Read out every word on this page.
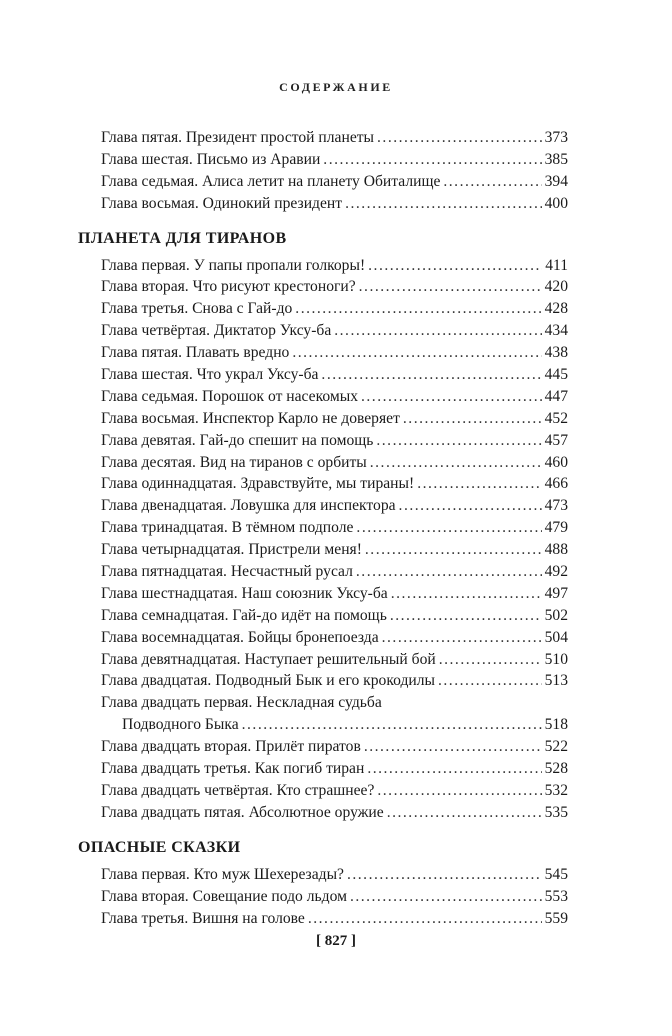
СОДЕРЖАНИЕ
Глава пятая. Президент простой планеты . . .	373
Глава шестая. Письмо из Аравии . . .	385
Глава седьмая. Алиса летит на планету Обиталище . . .	394
Глава восьмая. Одинокий президент . . .	400
ПЛАНЕТА ДЛЯ ТИРАНОВ
Глава первая. У папы пропали голкоры! . . .	411
Глава вторая. Что рисуют крестоноги? . . .	420
Глава третья. Снова с Гай-до . . .	428
Глава четвёртая. Диктатор Уксу-ба . . .	434
Глава пятая. Плавать вредно . . .	438
Глава шестая. Что украл Уксу-ба . . .	445
Глава седьмая. Порошок от насекомых . . .	447
Глава восьмая. Инспектор Карло не доверяет . . .	452
Глава девятая. Гай-до спешит на помощь . . .	457
Глава десятая. Вид на тиранов с орбиты . . .	460
Глава одиннадцатая. Здравствуйте, мы тираны! . . .	466
Глава двенадцатая. Ловушка для инспектора . . .	473
Глава тринадцатая. В тёмном подполе . . .	479
Глава четырнадцатая. Пристрели меня! . . .	488
Глава пятнадцатая. Несчастный русал . . .	492
Глава шестнадцатая. Наш союзник Уксу-ба . . .	497
Глава семнадцатая. Гай-до идёт на помощь . . .	502
Глава восемнадцатая. Бойцы бронепоезда . . .	504
Глава девятнадцатая. Наступает решительный бой . . .	510
Глава двадцатая. Подводный Бык и его крокодилы . . .	513
Глава двадцать первая. Нескладная судьба
Подводного Быка . . .	518
Глава двадцать вторая. Прилёт пиратов . . .	522
Глава двадцать третья. Как погиб тиран . . .	528
Глава двадцать четвёртая. Кто страшнее? . . .	532
Глава двадцать пятая. Абсолютное оружие . . .	535
ОПАСНЫЕ СКАЗКИ
Глава первая. Кто муж Шехерезады? . . .	545
Глава вторая. Совещание подо льдом . . .	553
Глава третья. Вишня на голове . . .	559
[ 827 ]
